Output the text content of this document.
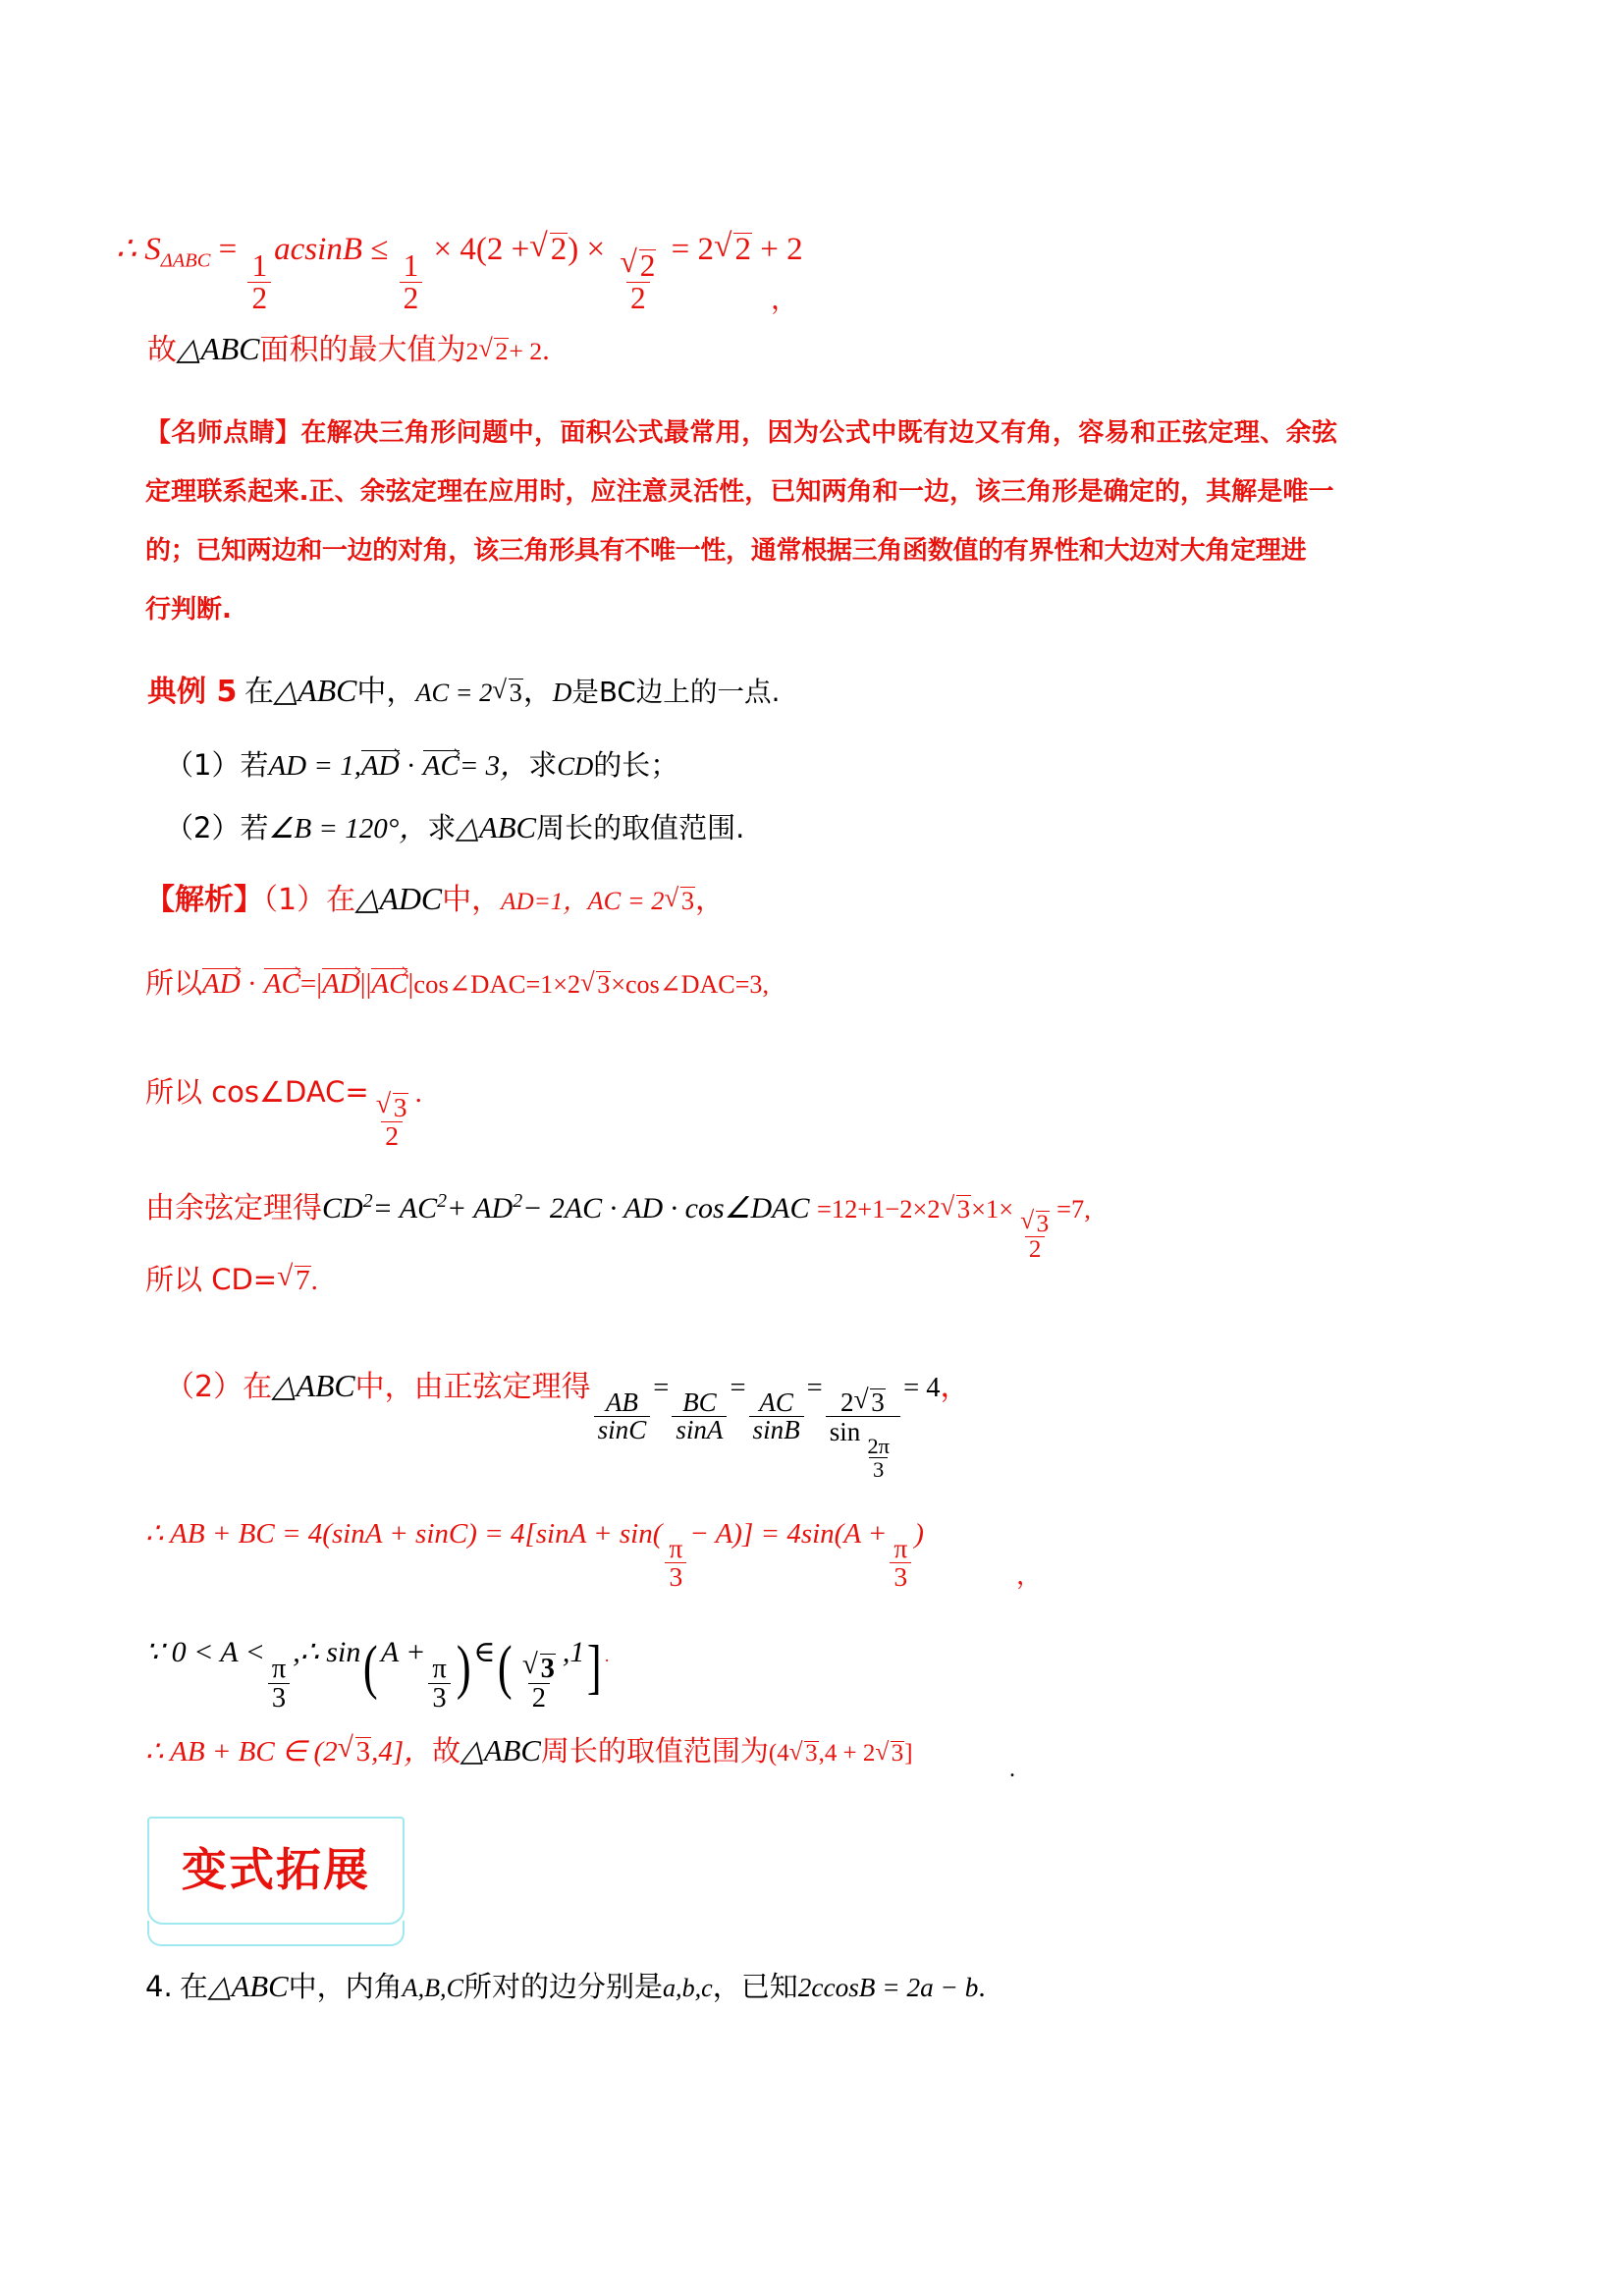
∴ $S_{\Delta ABC}$ =
$\frac{1}{2}$
acsinB ≤
$\frac{1}{2}$
× 4(2 + √ 2) × √ $\frac{2}{2} = 2$ √ 2 + 2
，
故△ABC面积的最大值为2 √ 2+ 2.
【名师点睛】在解决三角形问题中，面积公式最常用，因为公式中既有边又有角，容易和正弦定理、余弦
定理联系起来.正、余弦定理在应用时，应注意灵活性，已知两角和一边，该三角形是确定的，其解是唯一
的；已知两边和一边的对角，该三角形具有不唯一性，通常根据三角函数值的有界性和大边对大角定理进
行判断.
典例 5 在△ABC中，AC = 2 √ 3，D是BC边上的一点.
（1）若AD = 1,AD · AC= 3，求CD的长；
（2）若∠B = 120°，求△ABC周长的取值范围.
【解析】（1）在△ADC中，AD=1，AC = 2 √ 3，
所以AD · AC=|AD||AC|cos∠DAC=1×2 √ 3×cos∠DAC=3,
所以 cos∠DAC=
√ $\frac{3}{2}$ .
由余弦定理得$CD^2= AC^2+ AD^2- 2AC$ · AD · cos∠DAC =12+1−2×2 √ 3×1×
√ $\frac{3}{2}$
=7,
所以 CD= √ 7.
（2）在△ABC中，由正弦定理得
$\frac{AB}{\sin C}$
=
$\frac{BC}{\sin A}$
=
$\frac{AC}{\sin B}$
= 2 √ 3
sin
$\frac{2\pi}{3} = 4$，
∴ AB + BC = 4(sinA + sinC) = 4[sinA + sin(
$\frac{\pi}{3}$
− A)] = 4sin(A +
$\frac{\pi}{3}$
)
，
∵ 0 < A <
$\frac{\pi}{3}$
,∴ sin(A +
$\frac{\pi}{3}$ )∈( √ $\frac{3}{2}$
,1] .
∴ AB + BC ∈ (2 √ 3,4]，故△ABC周长的取值范围为(4 √ 3,4 + 2 √ 3]
.
变式拓展
4. 在△ABC中，内角A,B,C所对的边分别是a,b,c，已知2ccosB = 2a − b.
